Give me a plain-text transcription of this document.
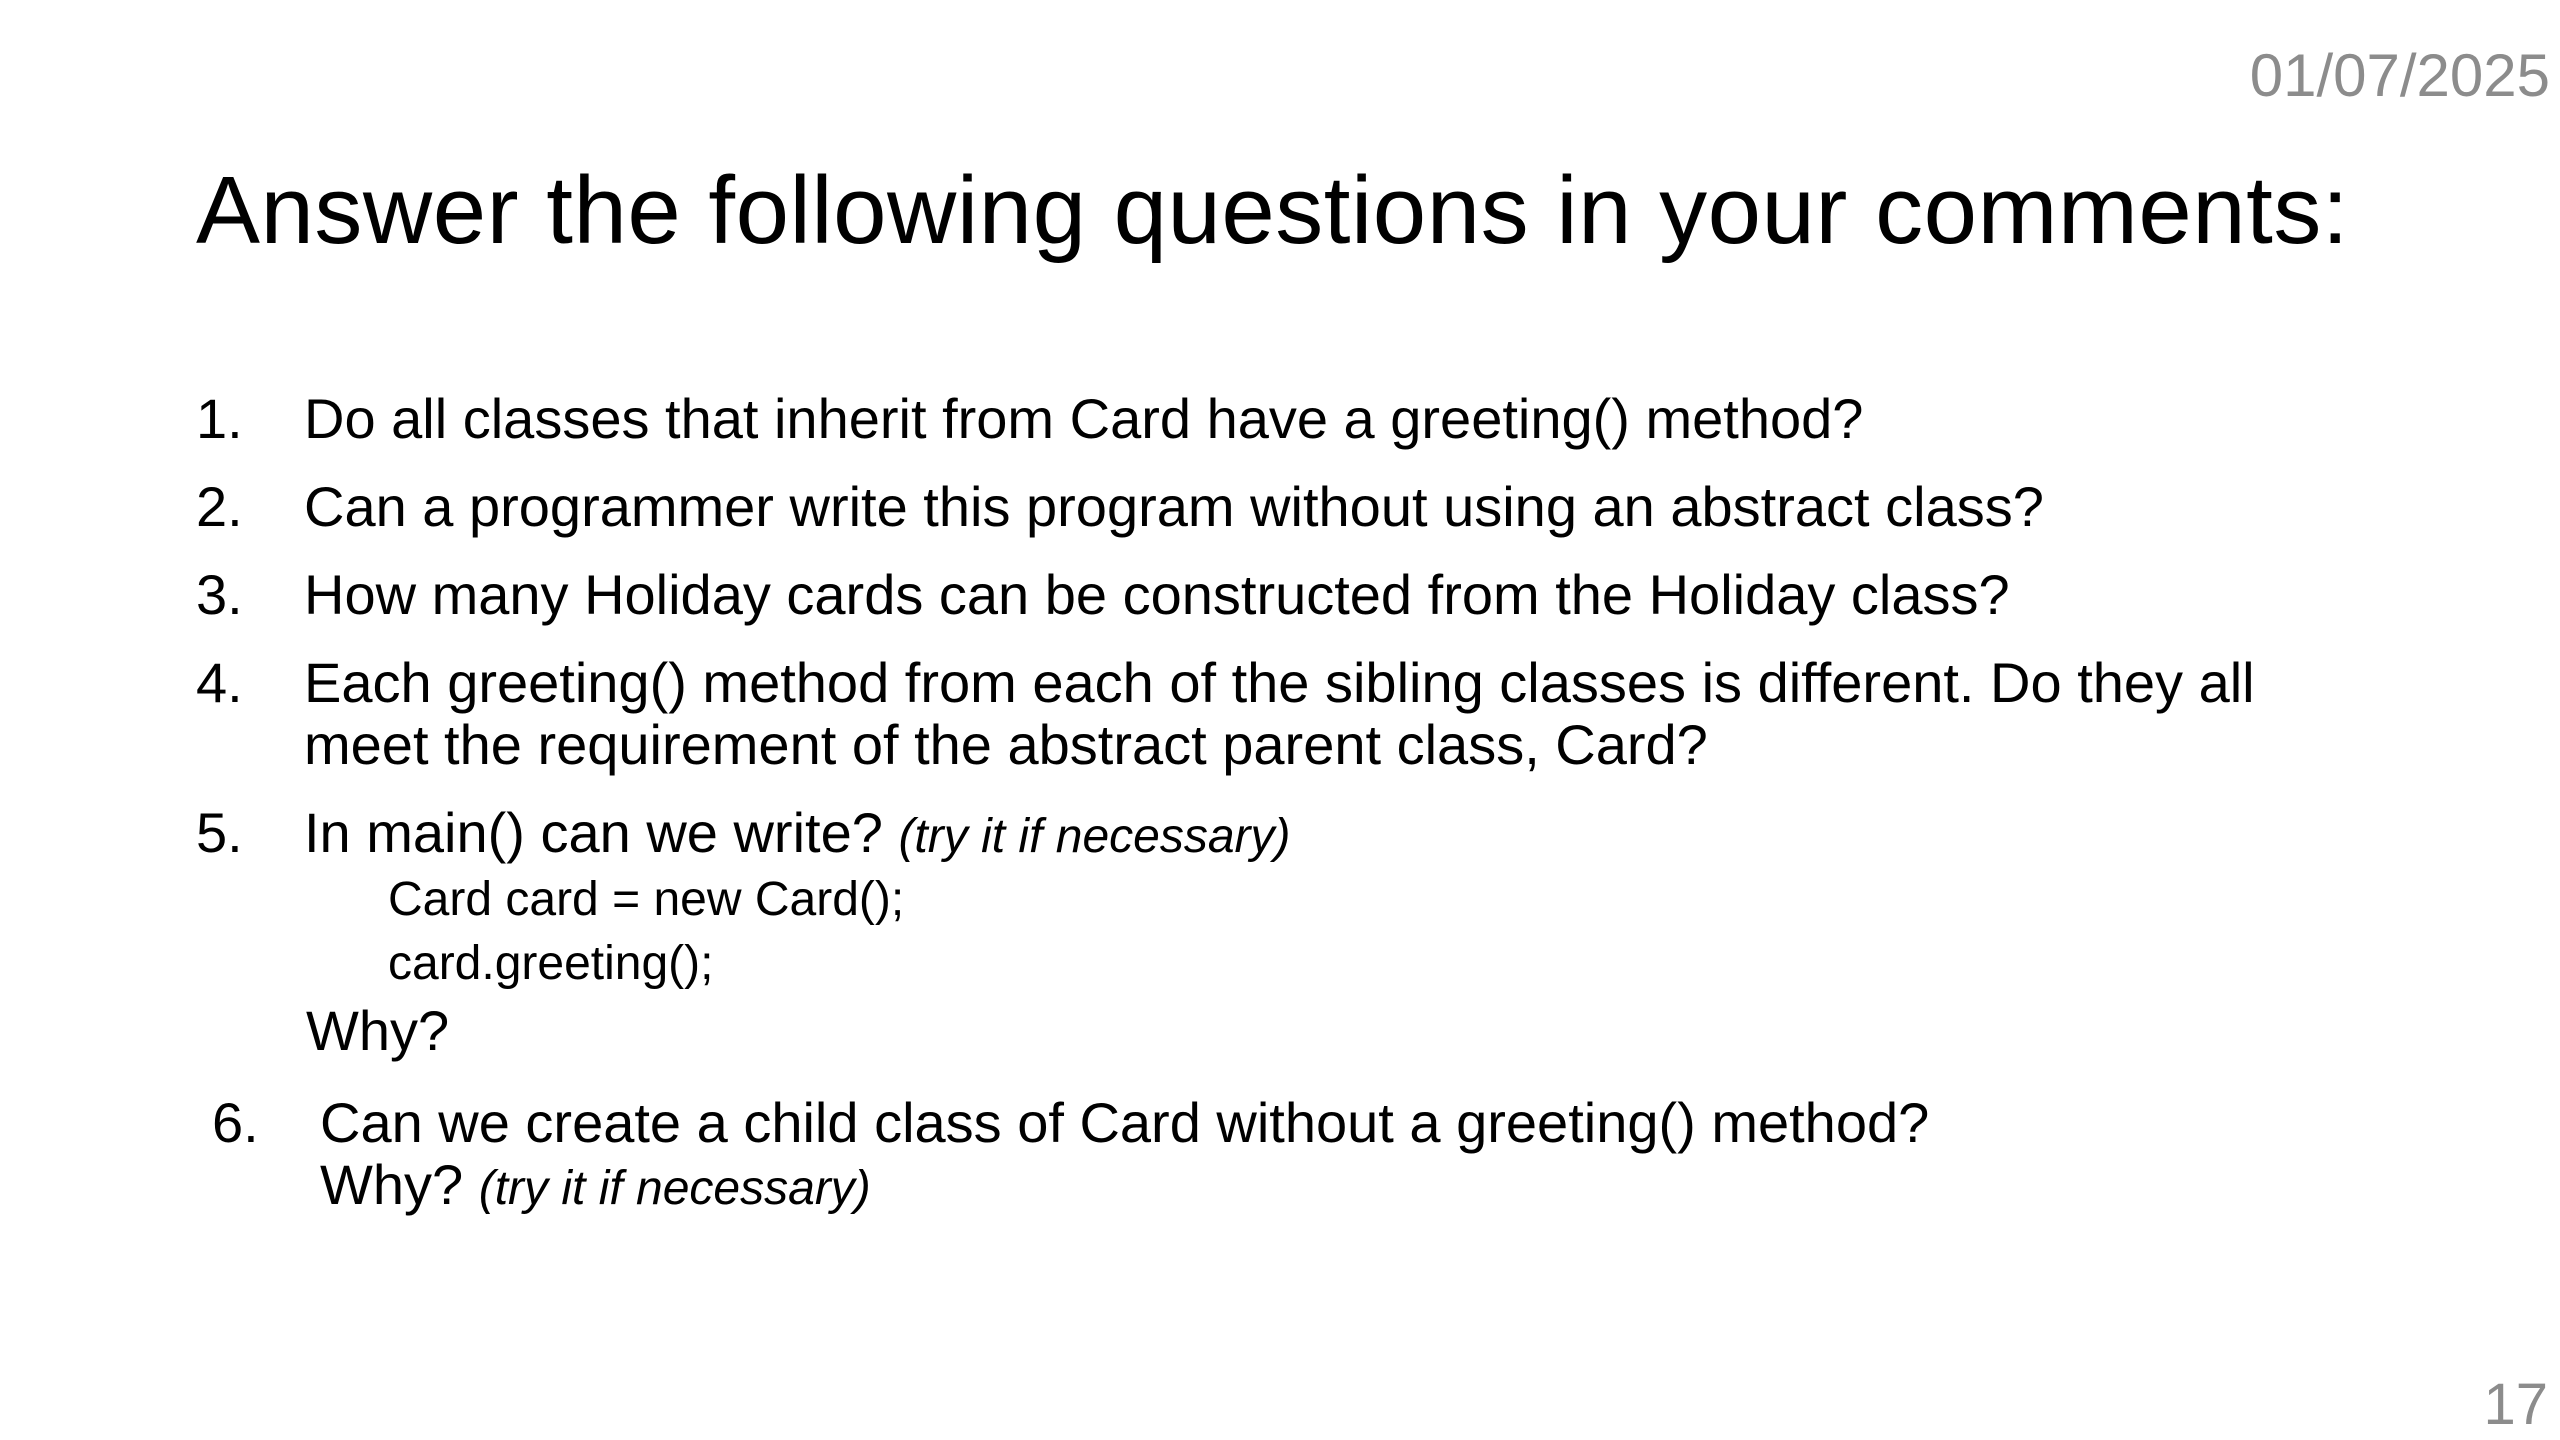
01/07/2025
Answer the following questions in your comments:
1. Do all classes that inherit from Card have a greeting() method?
2. Can a programmer write this program without using an abstract class?
3. How many Holiday cards can be constructed from the Holiday class?
4. Each greeting() method from each of the sibling classes is different. Do they all
meet the requirement of the abstract parent class, Card?
5. In main() can we write? (try it if necessary)
Card card = new Card();
card.greeting();
Why?
6. Can we create a child class of Card without a greeting() method?
Why? (try it if necessary)
17
